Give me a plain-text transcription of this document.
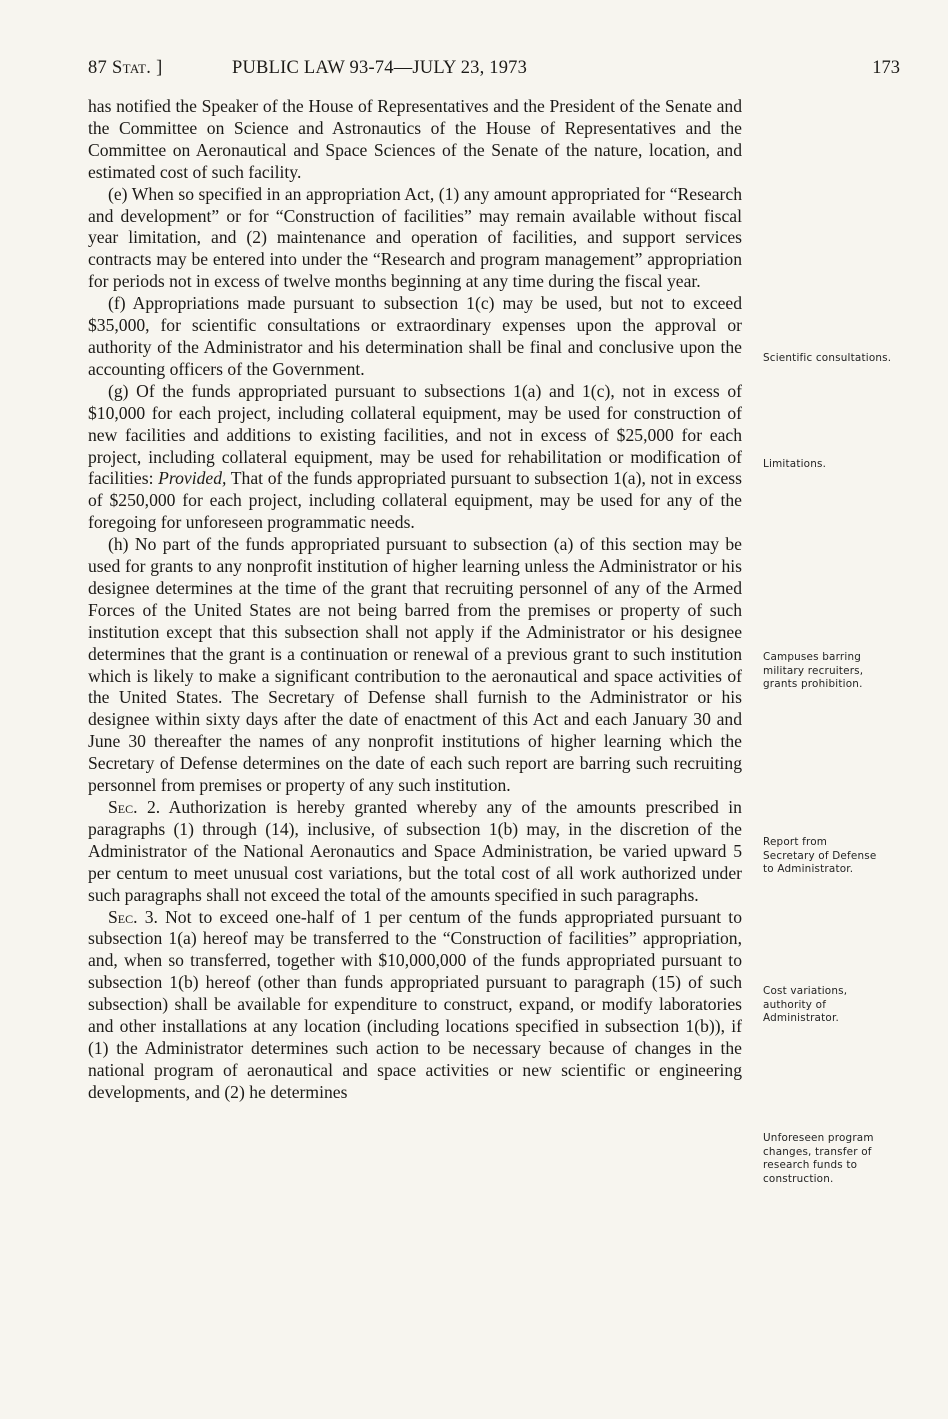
87 Stat. ]	PUBLIC LAW 93-74—JULY 23, 1973	173

has notified the Speaker of the House of Representatives and the President of the Senate and the Committee on Science and Astronautics of the House of Representatives and the Committee on Aeronautical and Space Sciences of the Senate of the nature, location, and estimated cost of such facility.

(e) When so specified in an appropriation Act, (1) any amount appropriated for “Research and development” or for “Construction of facilities” may remain available without fiscal year limitation, and (2) maintenance and operation of facilities, and support services contracts may be entered into under the “Research and program management” appropriation for periods not in excess of twelve months beginning at any time during the fiscal year.

(f) Appropriations made pursuant to subsection 1(c) may be used, but not to exceed $35,000, for scientific consultations or extraordinary expenses upon the approval or authority of the Administrator and his determination shall be final and conclusive upon the accounting officers of the Government.

(g) Of the funds appropriated pursuant to subsections 1(a) and 1(c), not in excess of $10,000 for each project, including collateral equipment, may be used for construction of new facilities and additions to existing facilities, and not in excess of $25,000 for each project, including collateral equipment, may be used for rehabilitation or modification of facilities: Provided, That of the funds appropriated pursuant to subsection 1(a), not in excess of $250,000 for each project, including collateral equipment, may be used for any of the foregoing for unforeseen programmatic needs.

(h) No part of the funds appropriated pursuant to subsection (a) of this section may be used for grants to any nonprofit institution of higher learning unless the Administrator or his designee determines at the time of the grant that recruiting personnel of any of the Armed Forces of the United States are not being barred from the premises or property of such institution except that this subsection shall not apply if the Administrator or his designee determines that the grant is a continuation or renewal of a previous grant to such institution which is likely to make a significant contribution to the aeronautical and space activities of the United States. The Secretary of Defense shall furnish to the Administrator or his designee within sixty days after the date of enactment of this Act and each January 30 and June 30 thereafter the names of any nonprofit institutions of higher learning which the Secretary of Defense determines on the date of each such report are barring such recruiting personnel from premises or property of any such institution.

Sec. 2. Authorization is hereby granted whereby any of the amounts prescribed in paragraphs (1) through (14), inclusive, of subsection 1(b) may, in the discretion of the Administrator of the National Aeronautics and Space Administration, be varied upward 5 per centum to meet unusual cost variations, but the total cost of all work authorized under such paragraphs shall not exceed the total of the amounts specified in such paragraphs.

Sec. 3. Not to exceed one-half of 1 per centum of the funds appropriated pursuant to subsection 1(a) hereof may be transferred to the “Construction of facilities” appropriation, and, when so transferred, together with $10,000,000 of the funds appropriated pursuant to subsection 1(b) hereof (other than funds appropriated pursuant to paragraph (15) of such subsection) shall be available for expenditure to construct, expand, or modify laboratories and other installations at any location (including locations specified in subsection 1(b)), if (1) the Administrator determines such action to be necessary because of changes in the national program of aeronautical and space activities or new scientific or engineering developments, and (2) he determines

Scientific consultations.
Limitations.
Campuses barring military recruiters, grants prohibition.
Report from Secretary of Defense to Administrator.
Cost variations, authority of Administrator.
Unforeseen program changes, transfer of research funds to construction.
